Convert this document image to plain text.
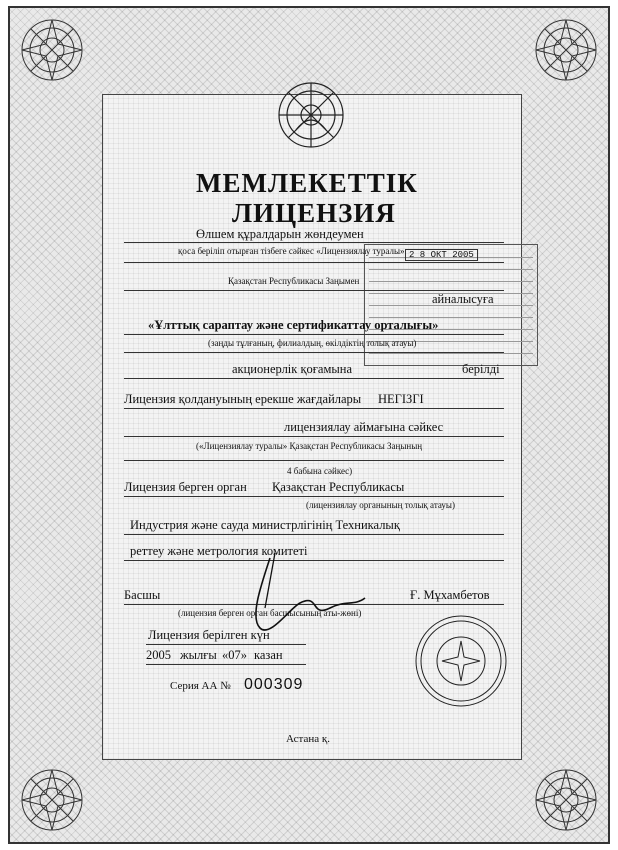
МЕМЛЕКЕТТІК
ЛИЦЕНЗИЯ
2 8 ОКТ 2005
Өлшем құралдарын жөндеумен
қоса беріліп отырған тізбеге сәйкес «Лицензиялау туралы»
Қазақстан Республикасы Заңымен
айналысуға
«Ұлттық сараптау және сертификаттау орталығы»
(заңды тұлғаның, филиалдың, өкілдіктің толық атауы)
акционерлік қоғамына	берілді
Лицензия қолдануының ерекше жағдайлары НЕГІЗГІ
лицензиялау аймағына сәйкес
(«Лицензиялау туралы» Қазақстан Республикасы Заңының
4 бабына сәйкес)
Лицензия берген орган Қазақстан Республикасы
(лицензиялау органының толық атауы)
Индустрия және сауда министрлігінің Техникалық
реттеу және метрология комитеті
Басшы	Ғ. Мұхамбетов
(лицензия берген орган басшысының аты-жөні)
Лицензия берілген күн
2005 жылғы «07» казан
Серия АА № 000309
Астана қ.
